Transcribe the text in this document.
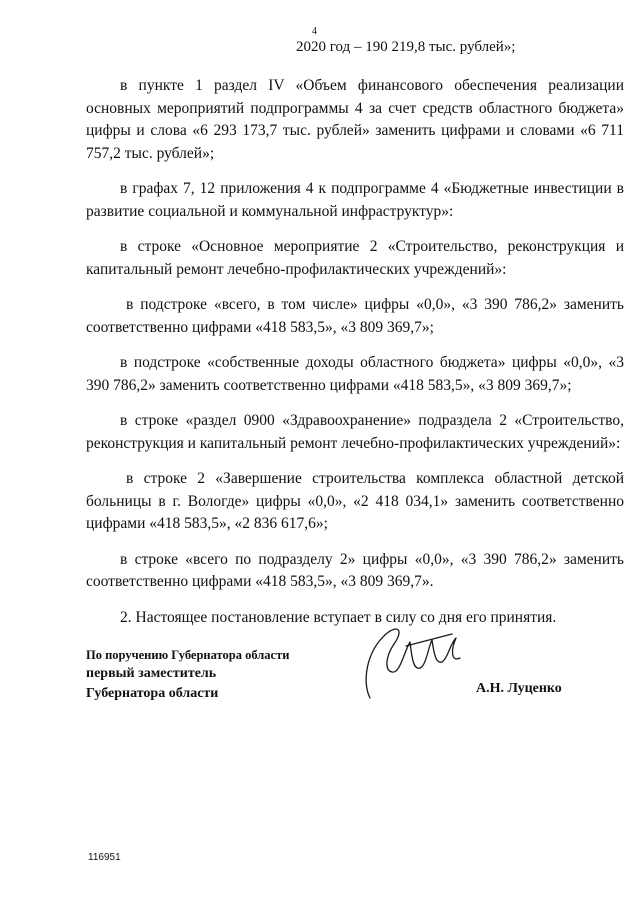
4
2020 год – 190 219,8 тыс. рублей»;

в пункте 1 раздел IV «Объем финансового обеспечения реализации основных мероприятий подпрограммы 4 за счет средств областного бюджета» цифры и слова «6 293 173,7 тыс. рублей» заменить цифрами и словами «6 711 757,2 тыс. рублей»;

в графах 7, 12 приложения 4 к подпрограмме 4 «Бюджетные инвестиции в развитие социальной и коммунальной инфраструктур»:

в строке «Основное мероприятие 2 «Строительство, реконструкция и капитальный ремонт лечебно-профилактических учреждений»:

в подстроке «всего, в том числе» цифры «0,0», «3 390 786,2» заменить соответственно цифрами «418 583,5», «3 809 369,7»;

в подстроке «собственные доходы областного бюджета» цифры «0,0», «3 390 786,2» заменить соответственно цифрами «418 583,5», «3 809 369,7»;

в строке «раздел 0900 «Здравоохранение» подраздела 2 «Строительство, реконструкция и капитальный ремонт лечебно-профилактических учреждений»:

в строке 2 «Завершение строительства комплекса областной детской больницы в г. Вологде» цифры «0,0», «2 418 034,1» заменить соответственно цифрами «418 583,5», «2 836 617,6»;

в строке «всего по подразделу 2» цифры «0,0», «3 390 786,2» заменить соответственно цифрами «418 583,5», «3 809 369,7».

2. Настоящее постановление вступает в силу со дня его принятия.

По поручению Губернатора области
первый заместитель
Губернатора области	А.Н. Луценко
116951
